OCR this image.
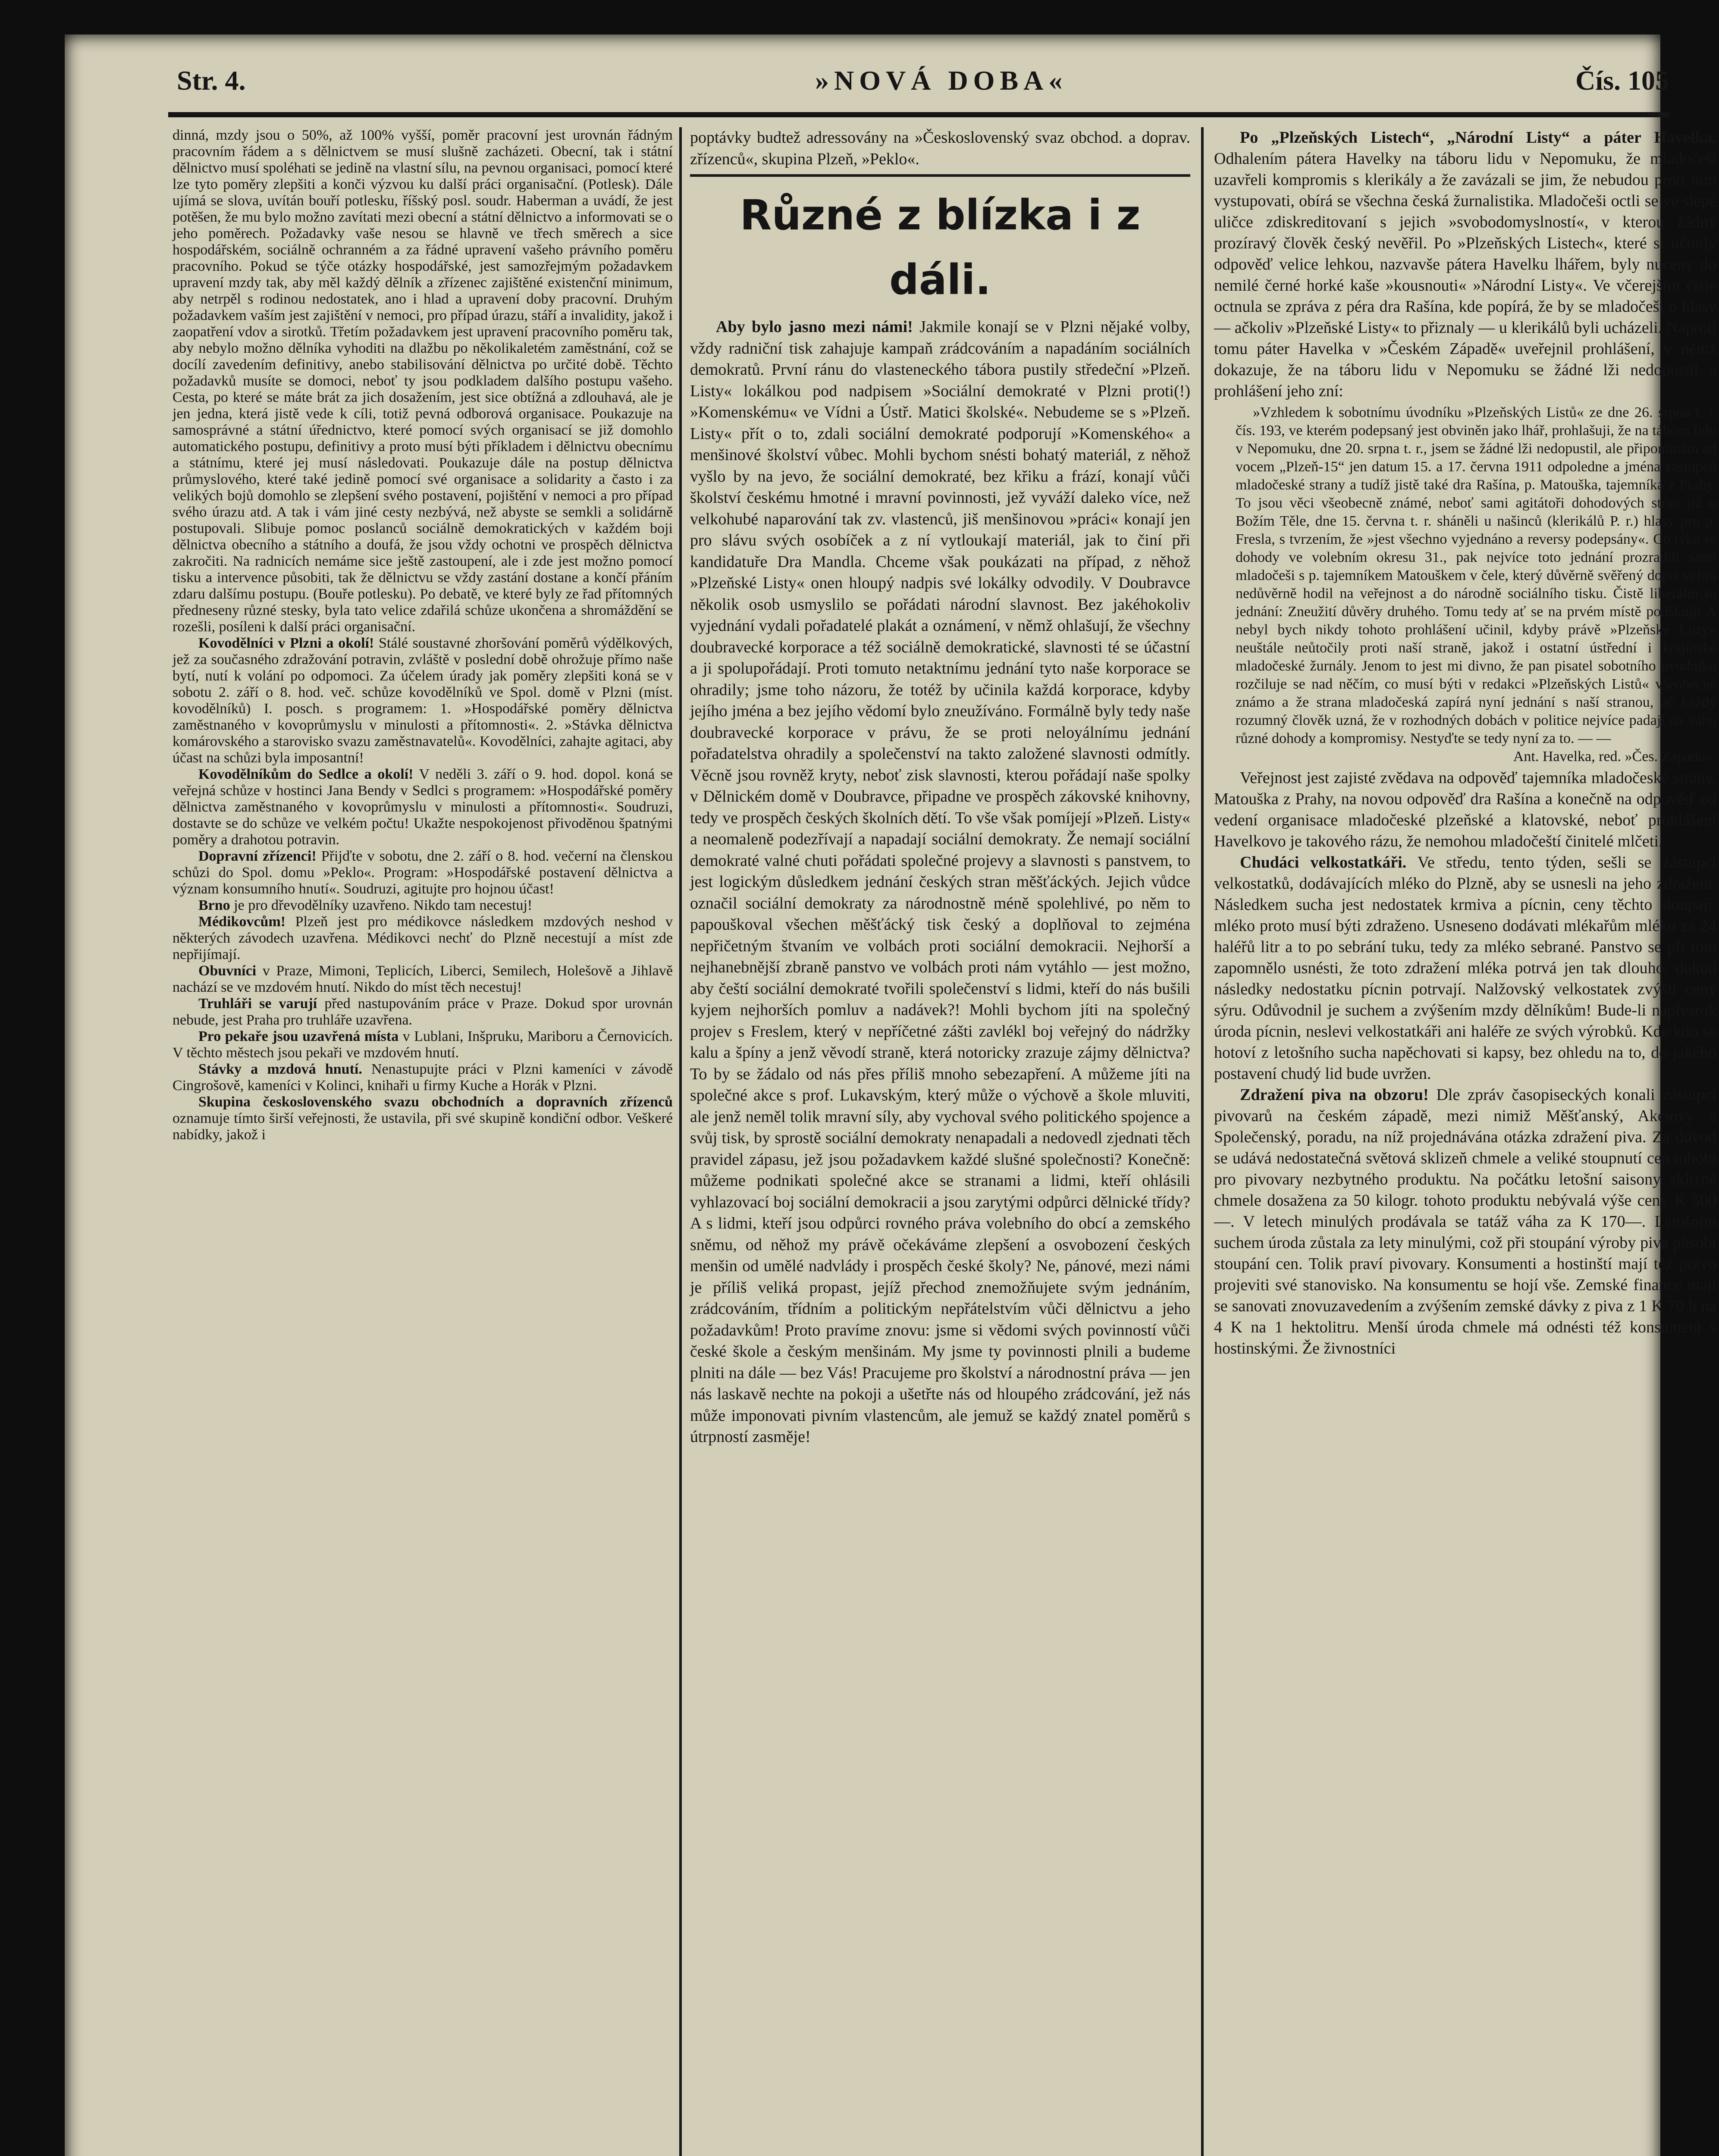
Str. 4.	»NOVÁ DOBA«	Čís. 105

dinná, mzdy jsou o 50%, až 100% vyšší, poměr pracovní jest urovnán řádným pracovním řádem a s dělnictvem se musí slušně zacházeti. Obecní, tak i státní dělnictvo musí spoléhati se jedině na vlastní sílu, na pevnou organisaci, pomocí které lze tyto poměry zlepšiti a konči výzvou ku další práci organisační. (Potlesk). Dále ujímá se slova, uvítán bouří potlesku, říšský posl. soudr. Haberman a uvádí, že jest potěšen, že mu bylo možno zavítati mezi obecní a státní dělnictvo a informovati se o jeho poměrech. Požadavky vaše nesou se hlavně ve třech směrech a sice hospodářském, sociálně ochranném a za řádné upravení vašeho právního poměru pracovního. Pokud se týče otázky hospodářské, jest samozřejmým požadavkem upravení mzdy tak, aby měl každý dělník a zřízenec zajištěné existenční minimum, aby netrpěl s rodinou nedostatek, ano i hlad a upravení doby pracovní. Druhým požadavkem vaším jest zajištění v nemoci, pro případ úrazu, stáří a invalidity, jakož i zaopatření vdov a sirotků. Třetím požadavkem jest upravení pracovního poměru tak, aby nebylo možno dělníka vyhoditi na dlažbu po několikaletém zaměstnání, což se docílí zavedením definitivy, anebo stabilisování dělnictva po určité době. Těchto požadavků musíte se domoci, neboť ty jsou podkladem dalšího postupu vašeho. Cesta, po které se máte brát za jich dosažením, jest sice obtížná a zdlouhavá, ale je jen jedna, která jistě vede k cíli, totiž pevná odborová organisace. Poukazuje na samosprávné a státní úřednictvo, které pomocí svých organisací se již domohlo automatického postupu, definitivy a proto musí býti příkladem i dělnictvu obecnímu a státnímu, které jej musí následovati. Poukazuje dále na postup dělnictva průmyslového, které také jedině pomocí své organisace a solidarity a často i za velikých bojů domohlo se zlepšení svého postavení, pojištění v nemoci a pro případ svého úrazu atd. A tak i vám jiné cesty nezbývá, než abyste se semkli a solidárně postupovali. Slibuje pomoc poslanců sociálně demokratických v každém boji dělnictva obecního a státního a doufá, že jsou vždy ochotni ve prospěch dělnictva zakročiti. Na radnicích nemáme sice ještě zastoupení, ale i zde jest možno pomocí tisku a intervence působiti, tak že dělnictvu se vždy zastání dostane a končí přáním zdaru dalšímu postupu. (Bouře potlesku). Po debatě, ve které byly ze řad přítomných předneseny různé stesky, byla tato velice zdařilá schůze ukončena a shromáždění se rozešli, posíleni k další práci organisační.

Kovodělníci v Plzni a okolí! Stálé soustavné zhoršování poměrů výdělkových, jež za současného zdražování potravin, zvláště v poslední době ohrožuje přímo naše bytí, nutí k volání po odpomoci. Za účelem úrady jak poměry zlepšiti koná se v sobotu 2. září o 8. hod. več. schůze kovodělníků ve Spol. domě v Plzni (míst. kovodělníků) I. posch. s programem: 1. »Hospodářské poměry dělnictva zaměstnaného v kovoprůmyslu v minulosti a přítomnosti«. 2. »Stávka dělnictva komárovského a starovisko svazu zaměstnavatelů«. Kovodělníci, zahajte agitaci, aby účast na schůzi byla imposantní!

Kovodělníkům do Sedlce a okolí! V neděli 3. září o 9. hod. dopol. koná se veřejná schůze v hostinci Jana Bendy v Sedlci s programem: »Hospodářské poměry dělnictva zaměstnaného v kovoprůmyslu v minulosti a přítomnosti«. Soudruzi, dostavte se do schůze ve velkém počtu! Ukažte nespokojenost přivoděnou špatnými poměry a drahotou potravin.

Dopravní zřízenci! Přijďte v sobotu, dne 2. září o 8. hod. večerní na členskou schůzi do Spol. domu »Peklo«. Program: »Hospodářské postavení dělnictva a význam konsumního hnutí«. Soudruzi, agitujte pro hojnou účast!

Brno je pro dřevodělníky uzavřeno. Nikdo tam necestuj!

Médikovcům! Plzeň jest pro médikovce následkem mzdových neshod v některých závodech uzavřena. Médikovci nechť do Plzně necestují a míst zde nepřijímají.

Obuvníci v Praze, Mimoni, Teplicích, Liberci, Semilech, Holešově a Jihlavě nachází se ve mzdovém hnutí. Nikdo do míst těch necestuj!

Truhláři se varují před nastupováním práce v Praze. Dokud spor urovnán nebude, jest Praha pro truhláře uzavřena.

Pro pekaře jsou uzavřená místa v Lublani, Inšpruku, Mariboru a Černovicích. V těchto městech jsou pekaři ve mzdovém hnutí.

Stávky a mzdová hnutí. Nenastupujte práci v Plzni kameníci v závodě Cingrošově, kameníci v Kolinci, knihaři u firmy Kuche a Horák v Plzni.

Skupina československého svazu obchodních a dopravních zřízenců oznamuje tímto širší veřejnosti, že ustavila, při své skupině kondiční odbor. Veškeré nabídky, jakož i

poptávky budtež adressovány na »Československý svaz obchod. a doprav. zřízenců«, skupina Plzeň, »Peklo«.

Různé z blízka i z dáli.

Aby bylo jasno mezi námi! Jakmile konají se v Plzni nějaké volby, vždy radniční tisk zahajuje kampaň zrádcováním a napadáním sociálních demokratů. První ránu do vlasteneckého tábora pustily středeční »Plzeň. Listy« lokálkou pod nadpisem »Sociální demokraté v Plzni proti(!) »Komenskému« ve Vídni a Ústř. Matici školské«. Nebudeme se s »Plzeň. Listy« přít o to, zdali sociální demokraté podporují »Komenského« a menšinové školství vůbec. Mohli bychom snésti bohatý materiál, z něhož vyšlo by na jevo, že sociální demokraté, bez křiku a frází, konají vůči školství českému hmotné i mravní povinnosti, jež vyváží daleko více, než velkohubé naparování tak zv. vlastenců, jiš menšinovou »práci« konají jen pro slávu svých osobíček a z ní vytloukají materiál, jak to činí při kandidatuře Dra Mandla. Chceme však poukázati na případ, z něhož »Plzeňské Listy« onen hloupý nadpis své lokálky odvodily. V Doubravce několik osob usmyslilo se pořádati národní slavnost. Bez jakéhokoliv vyjednání vydali pořadatelé plakát a oznámení, v němž ohlašují, že všechny doubravecké korporace a též sociálně demokratické, slavnosti té se účastní a ji spolupořádají. Proti tomuto netaktnímu jednání tyto naše korporace se ohradily; jsme toho názoru, že totéž by učinila každá korporace, kdyby jejího jména a bez jejího vědomí bylo zneužíváno. Formálně byly tedy naše doubravecké korporace v právu, že se proti neloyálnímu jednání pořadatelstva ohradily a společenství na takto založené slavnosti odmítly. Věcně jsou rovněž kryty, neboť zisk slavnosti, kterou pořádají naše spolky v Dělnickém domě v Doubravce, připadne ve prospěch zákovské knihovny, tedy ve prospěch českých školních dětí. To vše však pomíjejí »Plzeň. Listy« a neomaleně podezřívají a napadají sociální demokraty. Že nemají sociální demokraté valné chuti pořádati společné projevy a slavnosti s panstvem, to jest logickým důsledkem jednání českých stran měšťáckých. Jejich vůdce označil sociální demokraty za národnostně méně spolehlivé, po něm to papouškoval všechen měšťácký tisk český a doplňoval to zejména nepřičetným štvaním ve volbách proti sociální demokracii. Nejhorší a nejhanebnější zbraně panstvo ve volbách proti nám vytáhlo — jest možno, aby čeští sociální demokraté tvořili společenství s lidmi, kteří do nás bušili kyjem nejhorších pomluv a nadávek?! Mohli bychom jíti na společný projev s Freslem, který v nepříčetné zášti zavlékl boj veřejný do nádržky kalu a špíny a jenž věvodí straně, která notoricky zrazuje zájmy dělnictva? To by se žádalo od nás přes příliš mnoho sebezapření. A můžeme jíti na společné akce s prof. Lukavským, který může o výchově a škole mluviti, ale jenž neměl tolik mravní síly, aby vychoval svého politického spojence a svůj tisk, by sprostě sociální demokraty nenapadali a nedovedl zjednati těch pravidel zápasu, jež jsou požadavkem každé slušné společnosti? Konečně: můžeme podnikati společné akce se stranami a lidmi, kteří ohlásili vyhlazovací boj sociální demokracii a jsou zarytými odpůrci dělnické třídy? A s lidmi, kteří jsou odpůrci rovného práva volebního do obcí a zemského sněmu, od něhož my právě očekáváme zlepšení a osvobození českých menšin od umělé nadvlády i prospěch české školy? Ne, pánové, mezi námi je příliš veliká propast, jejíž přechod znemožňujete svým jednáním, zrádcováním, třídním a politickým nepřátelstvím vůči dělnictvu a jeho požadavkům! Proto pravíme znovu: jsme si vědomi svých povinností vůči české škole a českým menšinám. My jsme ty povinnosti plnili a budeme plniti na dále — bez Vás! Pracujeme pro školství a národnostní práva — jen nás laskavě nechte na pokoji a ušetřte nás od hloupého zrádcování, jež nás může imponovati pivním vlastencům, ale jemuž se každý znatel poměrů s útrpností zasměje!

Po „Plzeňských Listech“, „Národní Listy“ a páter Havelka. Odhalením pátera Havelky na táboru lidu v Nepomuku, že mladočeši uzavřeli kompromis s klerikály a že zavázali se jim, že nebudou proti nim vystupovati, obírá se všechna česká žurnalistika. Mladočeši octli se ve slepé uličce zdiskreditovaní s jejich »svobodomyslností«, v kterou žádný prozíravý člověk český nevěřil. Po »Plzeňských Listech«, které si učinily odpověď velice lehkou, nazvavše pátera Havelku lhářem, byly nuceny do nemilé černé horké kaše »kousnouti« »Národní Listy«. Ve včerejším čísle octnula se zpráva z péra dra Rašína, kde popírá, že by se mladočeši o hlasy — ačkoliv »Plzeňské Listy« to přiznaly — u klerikálů byli ucházeli. Naproti tomu páter Havelka v »Českém Západě« uveřejnil prohlášení, v němž dokazuje, že na táboru lidu v Nepomuku se žádné lži nedopustil a prohlášení jeho zní:

»Vzhledem k sobotnímu úvodníku »Plzeňských Listů« ze dne 26. srpna t. r. čís. 193, ve kterém podepsaný jest obviněn jako lhář, prohlašuji, že na táboru lidu v Nepomuku, dne 20. srpna t. r., jsem se žádné lži nedopustil, ale připomínám ad vocem „Plzeň-15“ jen datum 15. a 17. června 1911 odpoledne a jména zástupců mladočeské strany a tudíž jistě také dra Rašína, p. Matouška, tajemníka z Prahy. To jsou věci všeobecně známé, neboť sami agitátoři dohodových stran již o Božím Těle, dne 15. června t. r. sháněli u našinců (klerikálů P. r.) hlasy pro p. Fresla, s tvrzením, že »jest všechno vyjednáno a reversy podepsány«. Co týká se dohody ve volebním okresu 31., pak nejvíce toto jednání prozradili sami mladočeši s p. tajemníkem Matouškem v čele, který důvěrně svěřený dopis velmi nedůvěrně hodil na veřejnost a do národně sociálního tisku. Čistě liberální to jednání: Zneužití důvěry druhého. Tomu tedy ať se na prvém místě podškují! A nebyl bych nikdy tohoto prohlášení učinil, kdyby právě »Plzeňské Listy« neuštále neůtočily proti naší straně, jakož i ostatní ústřední i krajinské mladočeské žurnály. Jenom to jest mi divno, že pan pisatel sobotního úvodníku rozčiluje se nad něčím, co musí býti v redakci »Plzeňských Listů« všeobecně známo a že strana mladočeská zapírá nyní jednání s naší stranou, ač každý rozumný člověk uzná, že v rozhodných dobách v politice nejvíce padají na váhu různé dohody a kompromisy. Nestyďte se tedy nyní za to. — —

Ant. Havelka, red. »Čes. Západu«.

Veřejnost jest zajisté zvědava na odpověď tajemníka mladočeské strany, Matouška z Prahy, na novou odpověď dra Rašína a konečně na odpověď od vedení organisace mladočeské plzeňské a klatovské, neboť prohlášení Havelkovo je takového rázu, že nemohou mladočeští činitelé mlčeti.

Chudáci velkostatkáři. Ve středu, tento týden, sešli se zástupci velkostatků, dodávajících mléko do Plzně, aby se usnesli na jeho zdražení. Následkem sucha jest nedostatek krmiva a pícnin, ceny těchto stoupají, mléko proto musí býti zdraženo. Usneseno dodávati mlékařům mléko za 24 haléřů litr a to po sebrání tuku, tedy za mléko sebrané. Panstvo se při tom zapomnělo usnésti, že toto zdražení mléka potrvá jen tak dlouho, dokud následky nedostatku pícnin potrvají. Nalžovský velkostatek zvýšil ceny sýru. Odůvodnil je suchem a zvýšením mzdy dělníkům! Bude-li napřesrok úroda pícnin, neslevi velkostatkáři ani haléře ze svých výrobků. Kde kdo se hotoví z letošního sucha napěchovati si kapsy, bez ohledu na to, do jakého postavení chudý lid bude uvržen.

Zdražení piva na obzoru! Dle zpráv časopiseckých konali zástupci pivovarů na českém západě, mezi nimiž Měšťanský, Akciový a Společenský, poradu, na níž projednávána otázka zdražení piva. Za důvod se udává nedostatečná světová sklizeň chmele a veliké stoupnutí cen tohoto pro pivovary nezbytného produktu. Na počátku letošní saisony sklizně chmele dosažena za 50 kilogr. tohoto produktu nebývalá výše ceny K 500—. V letech minulých prodávala se tatáž váha za K 170—. Letošním suchem úroda zůstala za lety minulými, což při stoupání výroby piva působí stoupání cen. Tolik praví pivovary. Konsumenti a hostinští mají též právo projeviti své stanovisko. Na konsumentu se hojí vše. Zemské finance mají se sanovati znovuzavedením a zvýšením zemské dávky z piva z 1 K 70 h na 4 K na 1 hektolitru. Menší úroda chmele má odnésti též konsument s hostinskými. Že živnostníci
